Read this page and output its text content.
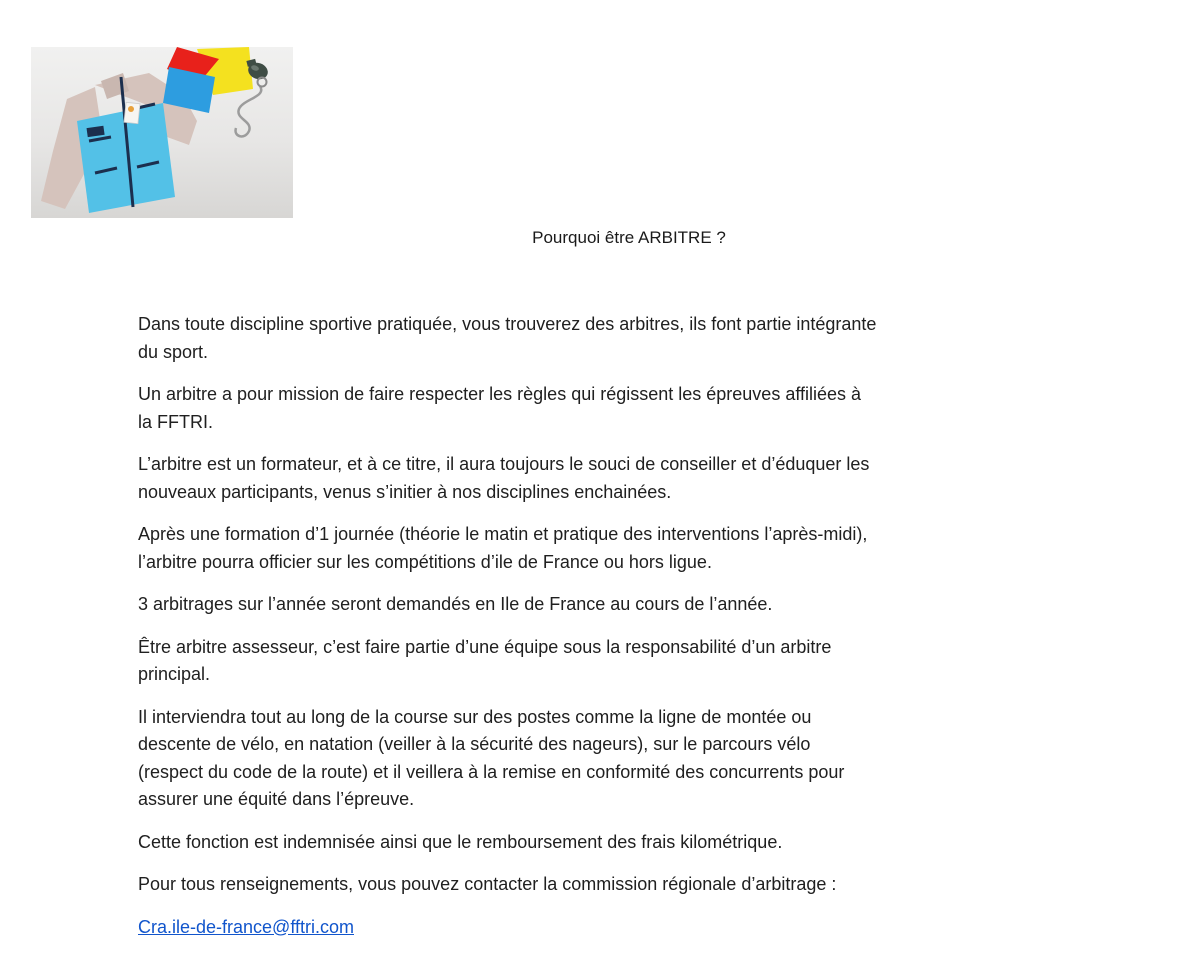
Pourquoi être ARBITRE ?

Dans toute discipline sportive pratiquée, vous trouverez des arbitres, ils font partie intégrante
du sport.

Un arbitre a pour mission de faire respecter les règles qui régissent les épreuves affiliées à
la FFTRI.

L’arbitre est un formateur, et à ce titre, il aura toujours le souci de conseiller et d’éduquer les
nouveaux participants, venus s’initier à nos disciplines enchainées.

Après une formation d’1 journée (théorie le matin et pratique des interventions l’après-midi),
l’arbitre pourra officier sur les compétitions d’ile de France ou hors ligue.

3 arbitrages sur l’année seront demandés en Ile de France au cours de l’année.

Être arbitre assesseur, c’est faire partie d’une équipe sous la responsabilité d’un arbitre
principal.

Il interviendra tout au long de la course sur des postes comme la ligne de montée ou
descente de vélo, en natation (veiller à la sécurité des nageurs), sur le parcours vélo
(respect du code de la route) et il veillera à la remise en conformité des concurrents pour
assurer une équité dans l’épreuve.

Cette fonction est indemnisée ainsi que le remboursement des frais kilométrique.

Pour tous renseignements, vous pouvez contacter la commission régionale d’arbitrage :

Cra.ile-de-france@fftri.com
